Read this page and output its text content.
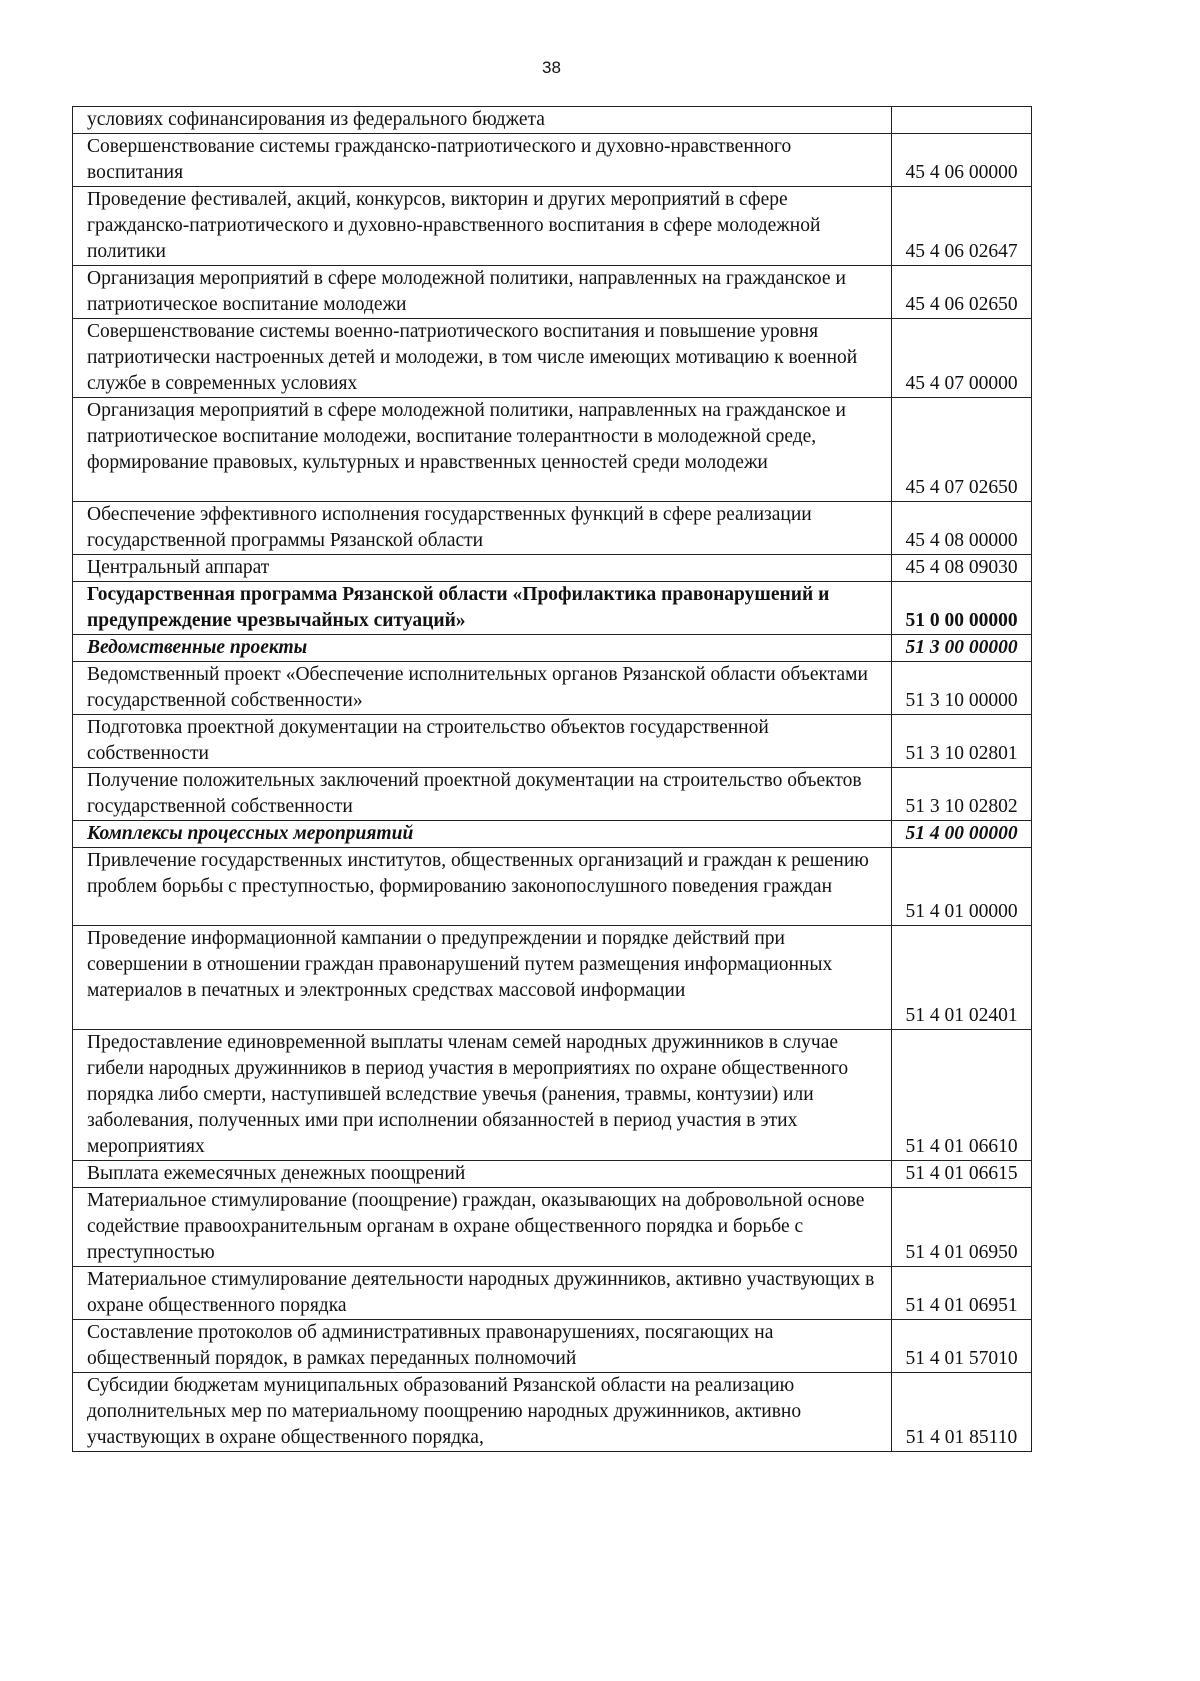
38
условиях софинансирования из федерального бюджета	
Совершенствование системы гражданско-патриотического и духовно-нравственного воспитания	45 4 06 00000
Проведение фестивалей, акций, конкурсов, викторин и других мероприятий в сфере гражданско-патриотического и духовно-нравственного воспитания в сфере молодежной политики	45 4 06 02647
Организация мероприятий в сфере молодежной политики, направленных на гражданское и патриотическое воспитание молодежи	45 4 06 02650
Совершенствование системы военно-патриотического воспитания и повышение уровня патриотически настроенных детей и молодежи, в том числе имеющих мотивацию к военной службе в современных условиях	45 4 07 00000
Организация мероприятий в сфере молодежной политики, направленных на гражданское и патриотическое воспитание молодежи, воспитание толерантности в молодежной среде, формирование правовых, культурных и нравственных ценностей среди молодежи	45 4 07 02650
Обеспечение эффективного исполнения государственных функций в сфере реализации государственной программы Рязанской области	45 4 08 00000
Центральный аппарат	45 4 08 09030
Государственная программа Рязанской области «Профилактика правонарушений и предупреждение чрезвычайных ситуаций»	51 0 00 00000
Ведомственные проекты	51 3 00 00000
Ведомственный проект «Обеспечение исполнительных органов Рязанской области объектами государственной собственности»	51 3 10 00000
Подготовка проектной документации на строительство объектов государственной собственности	51 3 10 02801
Получение положительных заключений проектной документации на строительство объектов государственной собственности	51 3 10 02802
Комплексы процессных мероприятий	51 4 00 00000
Привлечение государственных институтов, общественных организаций и граждан к решению проблем борьбы с преступностью, формированию законопослушного поведения граждан	51 4 01 00000
Проведение информационной кампании о предупреждении и порядке действий при совершении в отношении граждан правонарушений путем размещения информационных материалов в печатных и электронных средствах массовой информации	51 4 01 02401
Предоставление единовременной выплаты членам семей народных дружинников в случае гибели народных дружинников в период участия в мероприятиях по охране общественного порядка либо смерти, наступившей вследствие увечья (ранения, травмы, контузии) или заболевания, полученных ими при исполнении обязанностей в период участия в этих мероприятиях	51 4 01 06610
Выплата ежемесячных денежных поощрений	51 4 01 06615
Материальное стимулирование (поощрение) граждан, оказывающих на добровольной основе содействие правоохранительным органам в охране общественного порядка и борьбе с преступностью	51 4 01 06950
Материальное стимулирование деятельности народных дружинников, активно участвующих в охране общественного порядка	51 4 01 06951
Составление протоколов об административных правонарушениях, посягающих на общественный порядок, в рамках переданных полномочий	51 4 01 57010
Субсидии бюджетам муниципальных образований Рязанской области на реализацию дополнительных мер по материальному поощрению народных дружинников, активно участвующих в охране общественного порядка,	51 4 01 85110
